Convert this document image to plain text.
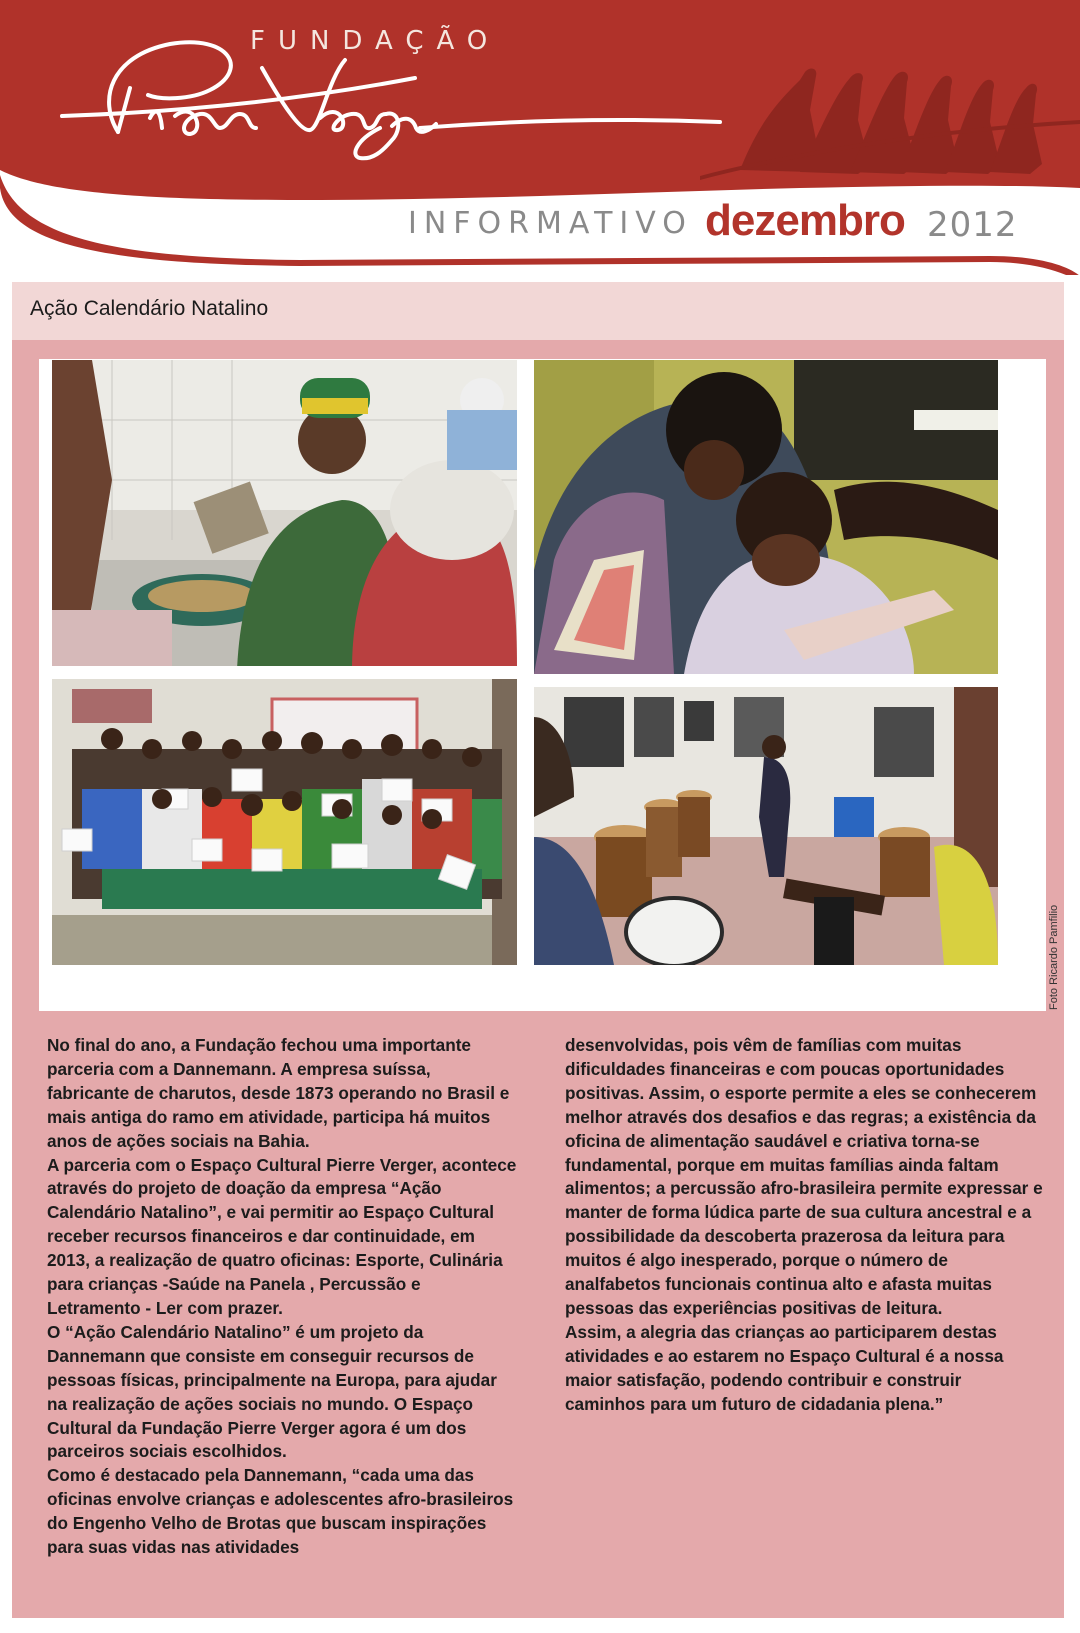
FUNDAÇÃO
INFORMATIVO dezembro 2012
Ação Calendário Natalino
Foto Ricardo Pamfilio

No final do ano, a Fundação fechou uma importante parceria com a Dannemann. A empresa suíssa, fabricante de charutos, desde 1873 operando no Brasil e mais antiga do ramo em atividade, participa há muitos anos de ações sociais na Bahia.

A parceria com o Espaço Cultural Pierre Verger, acontece através do projeto de doação da empresa “Ação Calendário Natalino”, e vai permitir ao Espaço Cultural receber recursos financeiros e dar continuidade, em 2013, a realização de quatro oficinas: Esporte, Culinária para crianças -Saúde na Panela , Percussão e Letramento - Ler com prazer.

O “Ação Calendário Natalino” é um projeto da Dannemann que consiste em conseguir recursos de pessoas físicas, principalmente na Europa, para ajudar na realização de ações sociais no mundo. O Espaço Cultural da Fundação Pierre Verger agora é um dos parceiros sociais escolhidos.

Como é destacado pela Dannemann, “cada uma das oficinas envolve crianças e adolescentes afro-brasileiros do Engenho Velho de Brotas que buscam inspirações para suas vidas nas atividades

desenvolvidas, pois vêm de famílias com muitas dificuldades financeiras e com poucas oportunidades positivas. Assim, o esporte permite a eles se conhecerem melhor através dos desafios e das regras; a existência da oficina de alimentação saudável e criativa torna-se fundamental, porque em muitas famílias ainda faltam alimentos; a percussão afro-brasileira permite expressar e manter de forma lúdica parte de sua cultura ancestral e a possibilidade da descoberta prazerosa da leitura para muitos é algo inesperado, porque o número de analfabetos funcionais continua alto e afasta muitas pessoas das experiências positivas de leitura.

Assim, a alegria das crianças ao participarem destas atividades e ao estarem no Espaço Cultural é a nossa maior satisfação, podendo contribuir e construir caminhos para um futuro de cidadania plena.”
